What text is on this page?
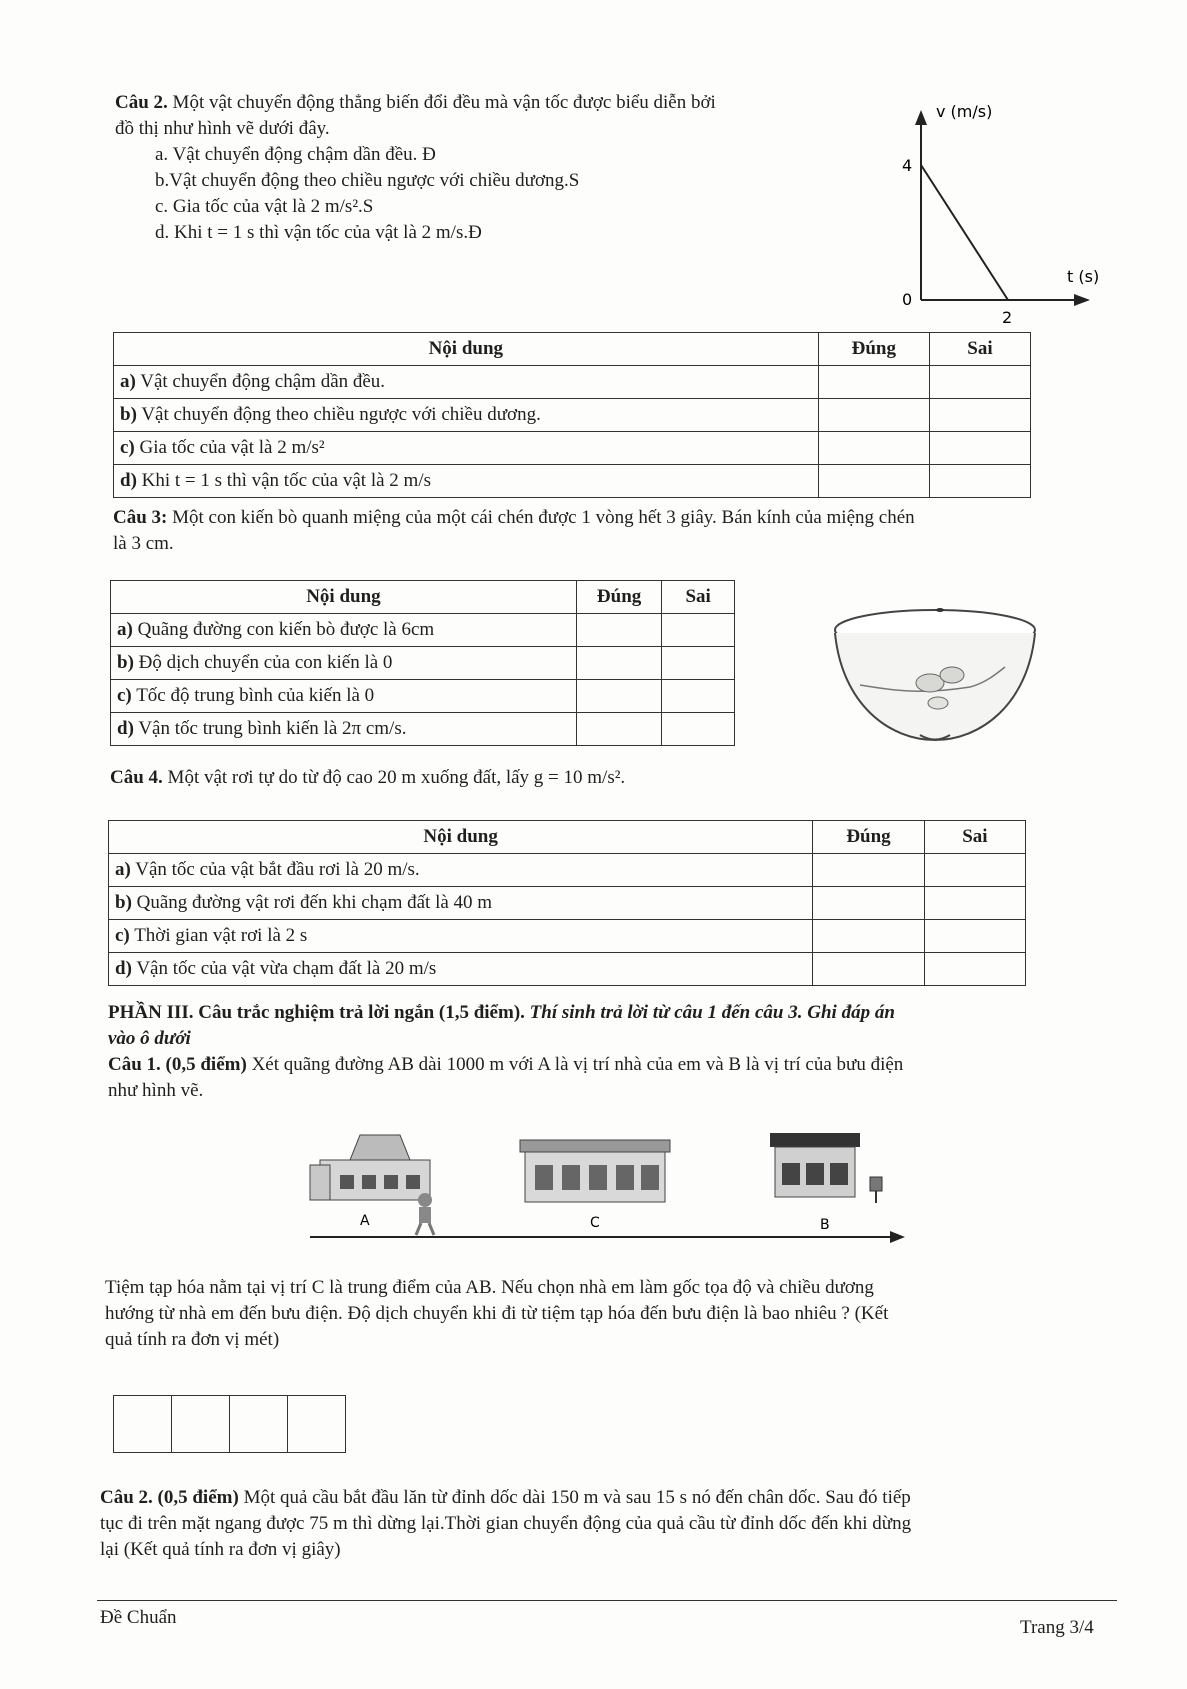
Câu 2. Một vật chuyển động thẳng biến đổi đều mà vận tốc được biểu diễn bởi

đồ thị như hình vẽ dưới đây.

a. Vật chuyển động chậm dần đều. Đ

b.Vật chuyển động theo chiều ngược với chiều dương.S

c. Gia tốc của vật là 2 m/s².S

d. Khi t = 1 s thì vận tốc của vật là 2 m/s.Đ

v (m/s)
t (s)
4
0
2
Nội dung	Đúng	Sai
a) Vật chuyển động chậm dần đều.		
b) Vật chuyển động theo chiều ngược với chiều dương.		
c) Gia tốc của vật là 2 m/s²		
d) Khi t = 1 s thì vận tốc của vật là 2 m/s		

Câu 3: Một con kiến bò quanh miệng của một cái chén được 1 vòng hết 3 giây. Bán kính của miệng chén

là 3 cm.

Nội dung	Đúng	Sai
a) Quãng đường con kiến bò được là 6cm		
b) Độ dịch chuyển của con kiến là 0		
c) Tốc độ trung bình của kiến là 0		
d) Vận tốc trung bình kiến là 2π cm/s.		

Câu 4. Một vật rơi tự do từ độ cao 20 m xuống đất, lấy g = 10 m/s².

Nội dung	Đúng	Sai
a) Vận tốc của vật bắt đầu rơi là 20 m/s.		
b) Quãng đường vật rơi đến khi chạm đất là 40 m		
c) Thời gian vật rơi là 2 s		
d) Vận tốc của vật vừa chạm đất là 20 m/s		

PHẦN III. Câu trắc nghiệm trả lời ngắn (1,5 điểm). Thí sinh trả lời từ câu 1 đến câu 3. Ghi đáp án

vào ô dưới

Câu 1. (0,5 điểm) Xét quãng đường AB dài 1000 m với A là vị trí nhà của em và B là vị trí của bưu điện

như hình vẽ.

A	C	B

Tiệm tạp hóa nằm tại vị trí C là trung điểm của AB. Nếu chọn nhà em làm gốc tọa độ và chiều dương

hướng từ nhà em đến bưu điện. Độ dịch chuyển khi đi từ tiệm tạp hóa đến bưu điện là bao nhiêu ? (Kết

quả tính ra đơn vị mét)

Câu 2. (0,5 điểm) Một quả cầu bắt đầu lăn từ đỉnh dốc dài 150 m và sau 15 s nó đến chân dốc. Sau đó tiếp

tục đi trên mặt ngang được 75 m thì dừng lại.Thời gian chuyển động của quả cầu từ đỉnh dốc đến khi dừng

lại (Kết quả tính ra đơn vị giây)

Đề Chuẩn	Trang 3/4
